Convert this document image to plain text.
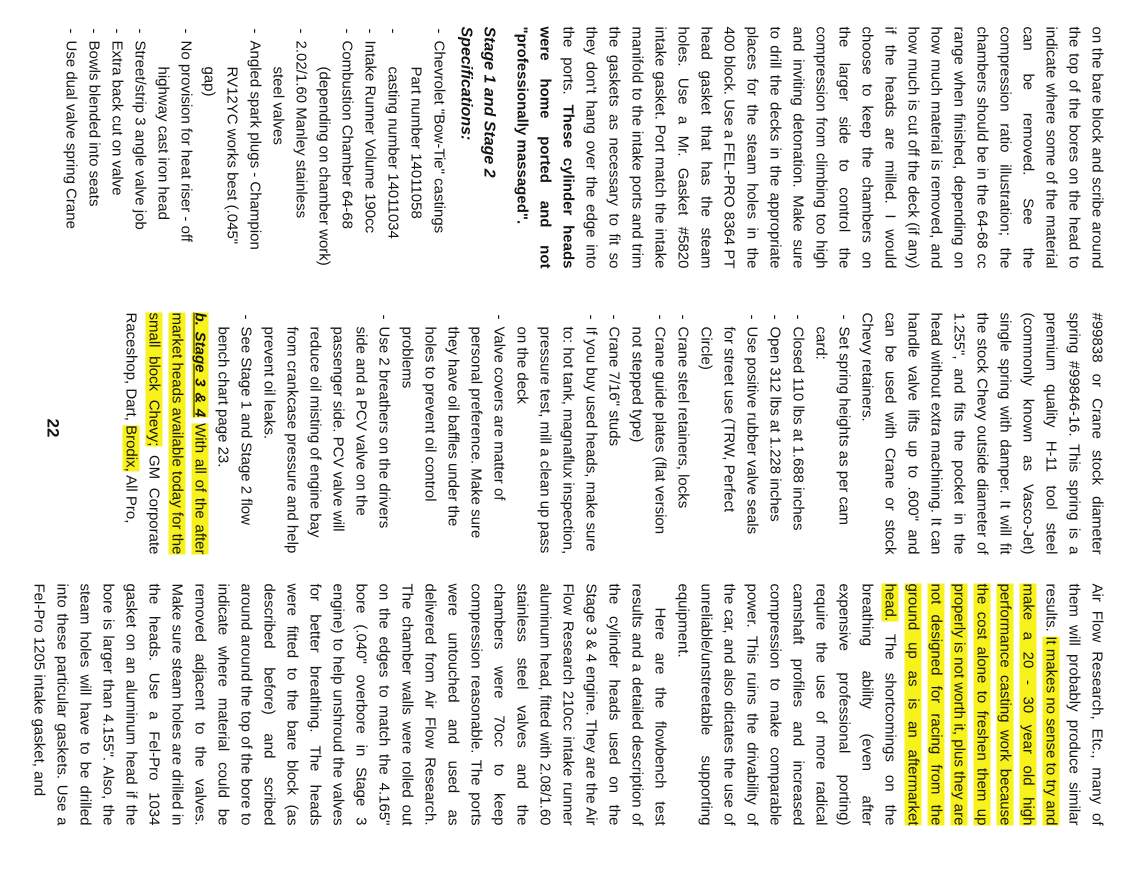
on the bare block and scribe around the top of the bores on the head to indicate where some of the material can be removed. See the compression ratio illustration; the chambers should be in the 64-68 cc range when finished, depending on how much material is removed, and how much is cut off the deck (if any) if the heads are milled. I would choose to keep the chambers on the larger side to control the compression from climbing too high and inviting detonation. Make sure to drill the decks in the appropriate places for the steam holes in the 400 block. Use a FEL-PRO 8364 PT head gasket that has the steam holes. Use a Mr. Gasket #5820 intake gasket. Port match the intake manifold to the intake ports and trim the gaskets as necessary to fit so they don't hang over the edge into the ports. These cylinder heads were home ported and not "professionally massaged".

Stage 1 and Stage 2
Specifications:
- Chevrolet "Bow-Tie" castings
Part number 14011058
- casting number 14011034
- Intake Runner Volume 190cc
- Combustion Chamber 64-68
(depending on chamber work)
- 2.02/1.60 Manley stainless
steel valves
- Angled spark plugs - Champion
RV12YC works best (.045" gap)
- No provision for heat riser - off
highway cast iron head
- Street/strip 3 angle valve job
- Extra back cut on valve
- Bowls blended into seats
- Use dual valve spring Crane

#99838 or Crane stock diameter spring #99846-16. This spring is a premium quality H-11 tool steel (commonly known as Vasco-Jet) single spring with damper. It will fit the stock Chevy outside diameter of 1.255", and fits the pocket in the head without extra machining. It can handle valve lifts up to .600" and can be used with Crane or stock Chevy retainers.

- Set spring heights as per cam card:
- Closed 110 lbs at 1.688 inches
- Open 312 lbs at 1.228 inches
- Use positive rubber valve seals for street use (TRW, Perfect Circle)
- Crane steel retainers, locks
- Crane guide plates (flat version not stepped type)
- Crane 7/16" studs
- If you buy used heads, make sure to: hot tank, magnaflux inspection, pressure test, mill a clean up pass on the deck
- Valve covers are matter of personal preference. Make sure they have oil baffles under the holes to prevent oil control problems
- Use 2 breathers on the drivers side and a PCV valve on the passenger side. PCV valve will reduce oil misting of engine bay from crankcase pressure and help prevent oil leaks.
- See Stage 1 and Stage 2 flow bench chart page 23.

b. Stage 3 & 4 With all of the after market heads available today for the small block Chevy; GM Corporate Raceshop, Dart, Brodix, All Pro,

Air Flow Research, Etc., many of them will probably produce similar results. It makes no sense to try and make a 20 - 30 year old high performance casting work because the cost alone to freshen them up properly is not worth it, plus they are not designed for racing from the ground up as is an aftermarket head. The shortcomings on the breathing ability (even after expensive professional porting) require the use of more radical camshaft profiles and increased compression to make comparable power. This ruins the drivability of the car, and also dictates the use of unreliable/unstreetable supporting equipment.

Here are the flowbench test results and a detailed description of the cylinder heads used on the Stage 3 & 4 engine. They are the Air Flow Research 210cc intake runner aluminum head, fitted with 2.08/1.60 stainless steel valves and the chambers were 70cc to keep compression reasonable. The ports were untouched and used as delivered from Air Flow Research. The chamber walls were rolled out on the edges to match the 4.165" bore (.040" overbore in Stage 3 engine) to help unshroud the valves for better breathing. The heads were fitted to the bare block (as described before) and scribed around around the top of the bore to indicate where material could be removed adjacent to the valves. Make sure steam holes are drilled in the heads. Use a Fel-Pro 1034 gasket on an aluminum head if the bore is larger than 4.155". Also, the steam holes will have to be drilled into these particular gaskets. Use a Fel-Pro 1205 intake gasket, and

22
